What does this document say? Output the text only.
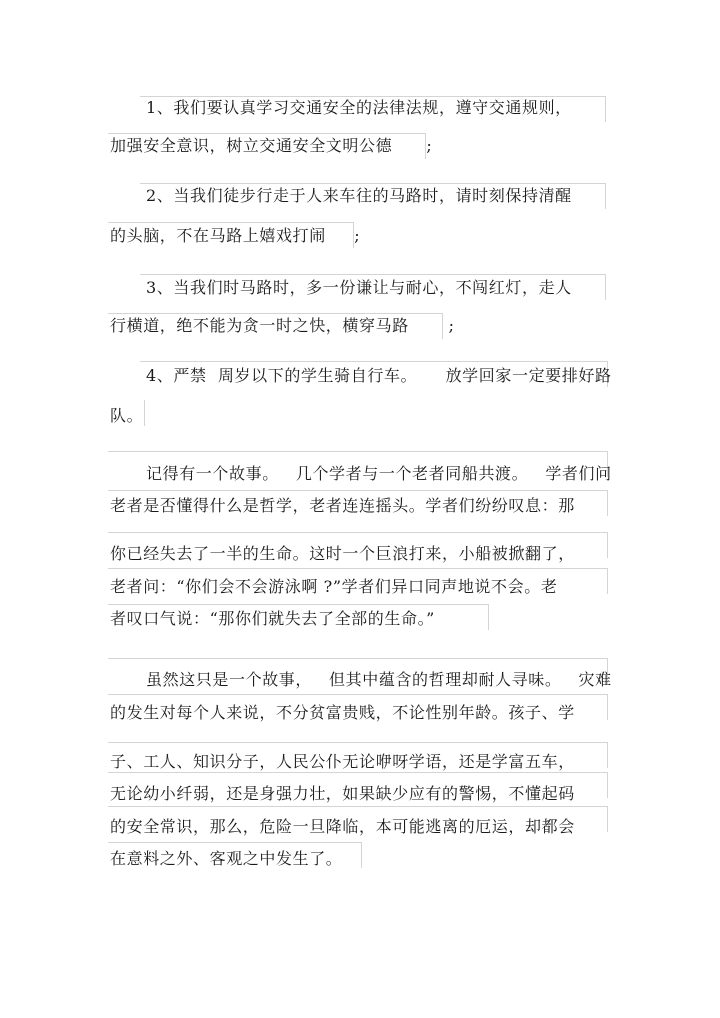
1、我们要认真学习交通安全的法律法规，遵守交通规则，
加强安全意识，树立交通安全文明公德      ;
2、当我们徒步行走于人来车往的马路时，请时刻保持清醒
的头脑，不在马路上嬉戏打闹     ;
3、当我们时马路时，多一份谦让与耐心，不闯红灯，走人
行横道，绝不能为贪一时之快，横穿马路       ;
4、严禁  周岁以下的学生骑自行车。     放学回家一定要排好路
队。
记得有一个故事。   几个学者与一个老者同船共渡。   学者们问
老者是否懂得什么是哲学，老者连连摇头。学者们纷纷叹息：那
你已经失去了一半的生命。这时一个巨浪打来，小船被掀翻了，
老者问：“你们会不会游泳啊 ?”学者们异口同声地说不会。老
者叹口气说：“那你们就失去了全部的生命。”
虽然这只是一个故事，   但其中蕴含的哲理却耐人寻味。   灾难
的发生对每个人来说，不分贫富贵贱，不论性别年龄。孩子、学
子、工人、知识分子，人民公仆无论咿呀学语，还是学富五车，
无论幼小纤弱，还是身强力壮，如果缺少应有的警惕，不懂起码
的安全常识，那么，危险一旦降临，本可能逃离的厄运，却都会
在意料之外、客观之中发生了。
